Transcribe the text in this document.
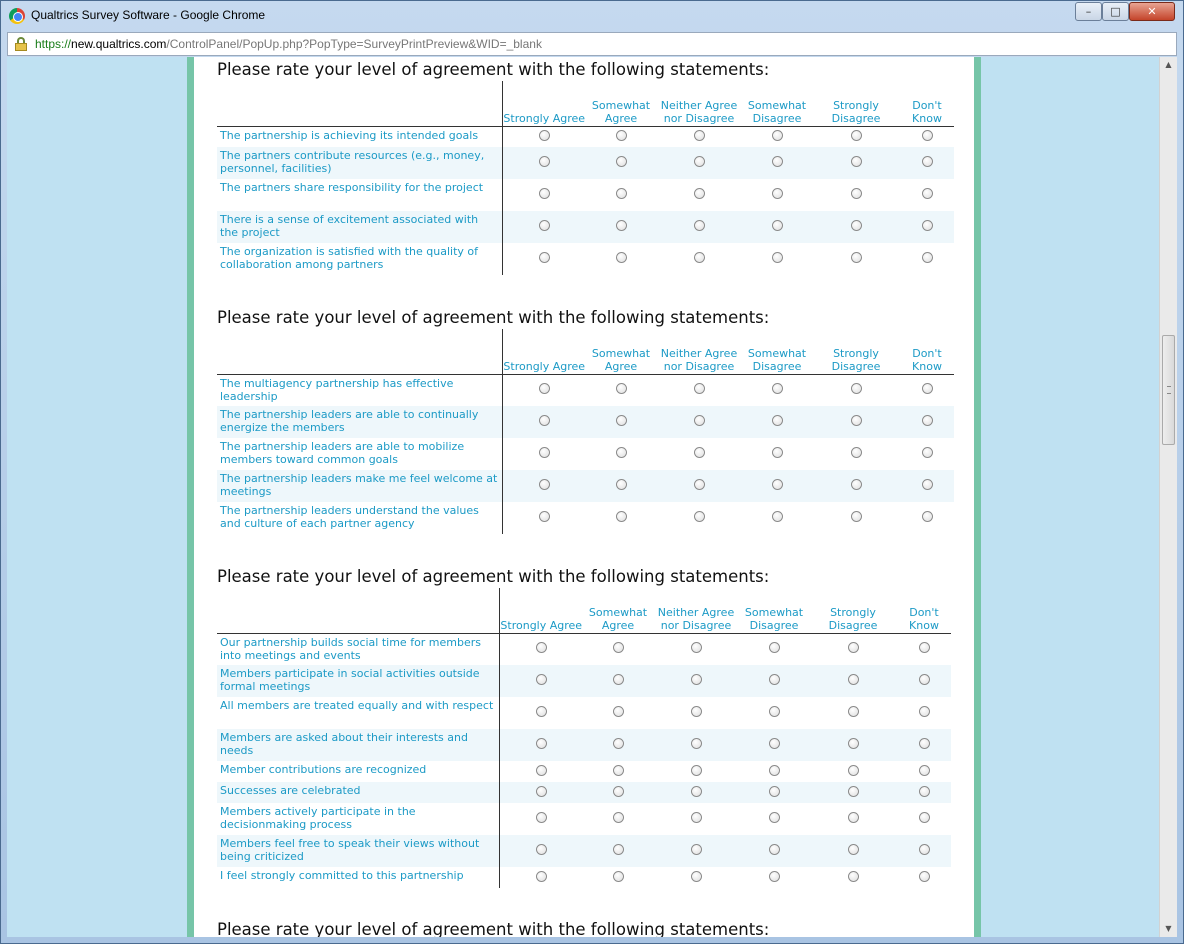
Qualtrics Survey Software - Google Chrome	–	□	✕
https://new.qualtrics.com/ControlPanel/PopUp.php?PopType=SurveyPrintPreview&WID=_blank
Please rate your level of agreement with the following statements:
	Strongly Agree	Somewhat Agree	Neither Agree nor Disagree	Somewhat Disagree	Strongly Disagree	Don't Know
The partnership is achieving its intended goals						
The partners contribute resources (e.g., money, personnel, facilities)						
The partners share responsibility for the project						
There is a sense of excitement associated with the project						
The organization is satisfied with the quality of collaboration among partners						
Please rate your level of agreement with the following statements:
	Strongly Agree	Somewhat Agree	Neither Agree nor Disagree	Somewhat Disagree	Strongly Disagree	Don't Know
The multiagency partnership has effective leadership						
The partnership leaders are able to continually energize the members						
The partnership leaders are able to mobilize members toward common goals						
The partnership leaders make me feel welcome at meetings						
The partnership leaders understand the values and culture of each partner agency						
Please rate your level of agreement with the following statements:
	Strongly Agree	Somewhat Agree	Neither Agree nor Disagree	Somewhat Disagree	Strongly Disagree	Don't Know
Our partnership builds social time for members into meetings and events						
Members participate in social activities outside formal meetings						
All members are treated equally and with respect						
Members are asked about their interests and needs						
Member contributions are recognized						
Successes are celebrated						
Members actively participate in the decisionmaking process						
Members feel free to speak their views without being criticized						
I feel strongly committed to this partnership						
Please rate your level of agreement with the following statements:
▲
▼
